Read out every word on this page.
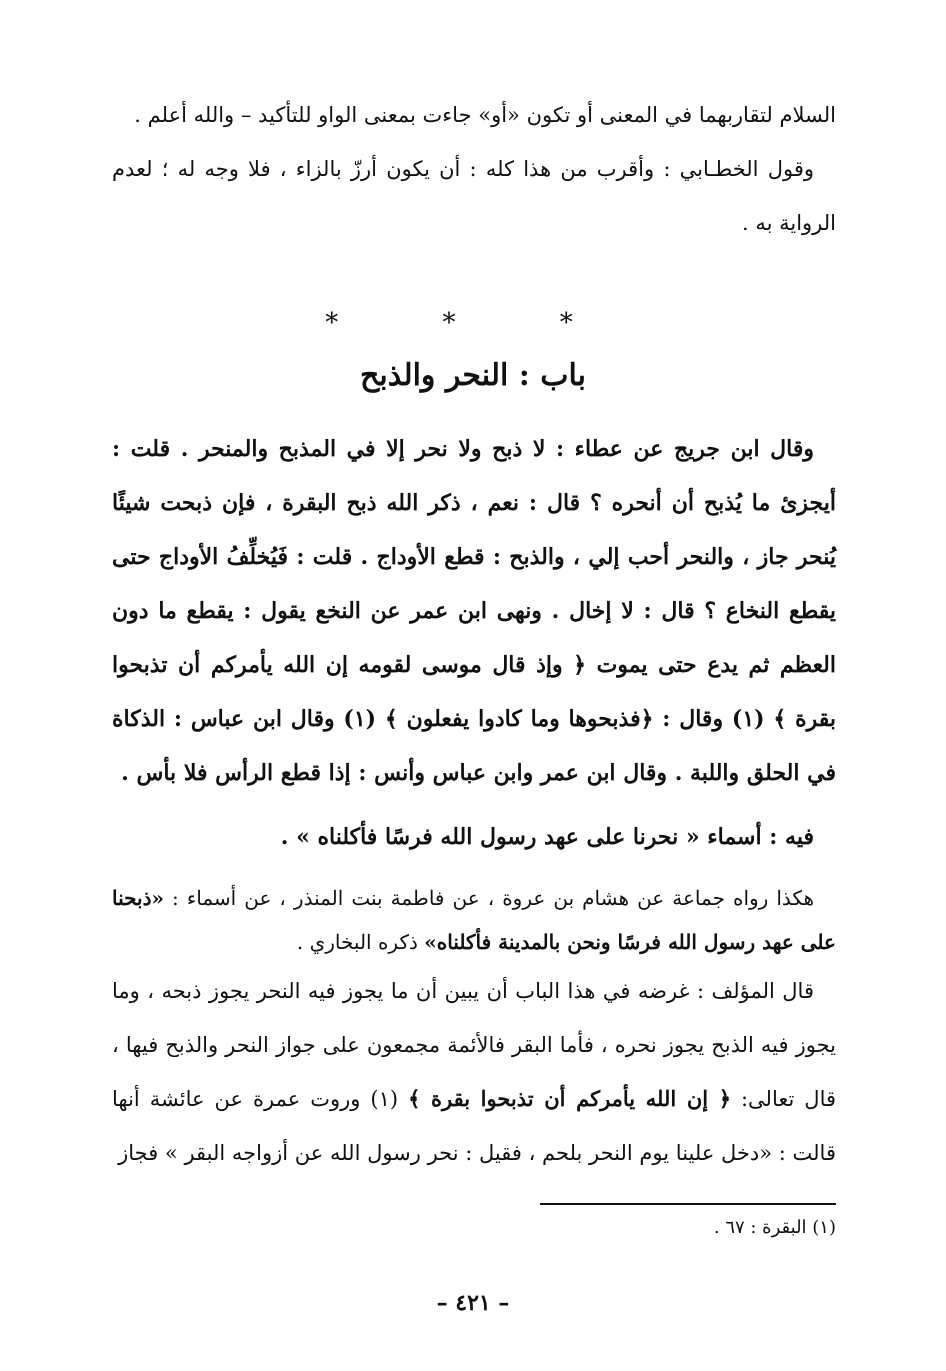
السلام لتقاربهما في المعنى أو تكون «أو» جاءت بمعنى الواو للتأكيد – والله أعلم .

وقول الخطـابي : وأقرب من هذا كله : أن يكون أرزّ بالزاء ، فلا وجه له ؛ لعدم الرواية به .

* * *
باب : النحر والذبح

وقال ابن جريج عن عطاء : لا ذبح ولا نحر إلا في المذبح والمنحر . قلت : أيجزئ ما يُذبح أن أنحره ؟ قال : نعم ، ذكر الله ذبح البقرة ، فإن ذبحت شيئًا يُنحر جاز ، والنحر أحب إلي ، والذبح : قطع الأوداج . قلت : فَيُخلِّفُ الأوداج حتى يقطع النخاع ؟ قال : لا إخال . ونهى ابن عمر عن النخع يقول : يقطع ما دون العظم ثم يدع حتى يموت ﴿ وإذ قال موسى لقومه إن الله يأمركم أن تذبحوا بقرة ﴾ (١) وقال : ﴿فذبحوها وما كادوا يفعلون ﴾ (١) وقال ابن عباس : الذكاة في الحلق واللبة . وقال ابن عمر وابن عباس وأنس : إذا قطع الرأس فلا بأس .

فيه : أسماء « نحرنا على عهد رسول الله فرسًا فأكلناه » .

هكذا رواه جماعة عن هشام بن عروة ، عن فاطمة بنت المنذر ، عن أسماء : «ذبحنا على عهد رسول الله فرسًا ونحن بالمدينة فأكلناه» ذكره البخاري .

قال المؤلف : غرضه في هذا الباب أن يبين أن ما يجوز فيه النحر يجوز ذبحه ، وما يجوز فيه الذبح يجوز نحره ، فأما البقر فالأئمة مجمعون على جواز النحر والذبح فيها ، قال تعالى: ﴿ إن الله يأمركم أن تذبحوا بقرة ﴾ (١) وروت عمرة عن عائشة أنها قالت : «دخل علينا يوم النحر بلحم ، فقيل : نحر رسول الله عن أزواجه البقر » فجاز

(١) البقرة : ٦٧ .
– ٤٢١ –
